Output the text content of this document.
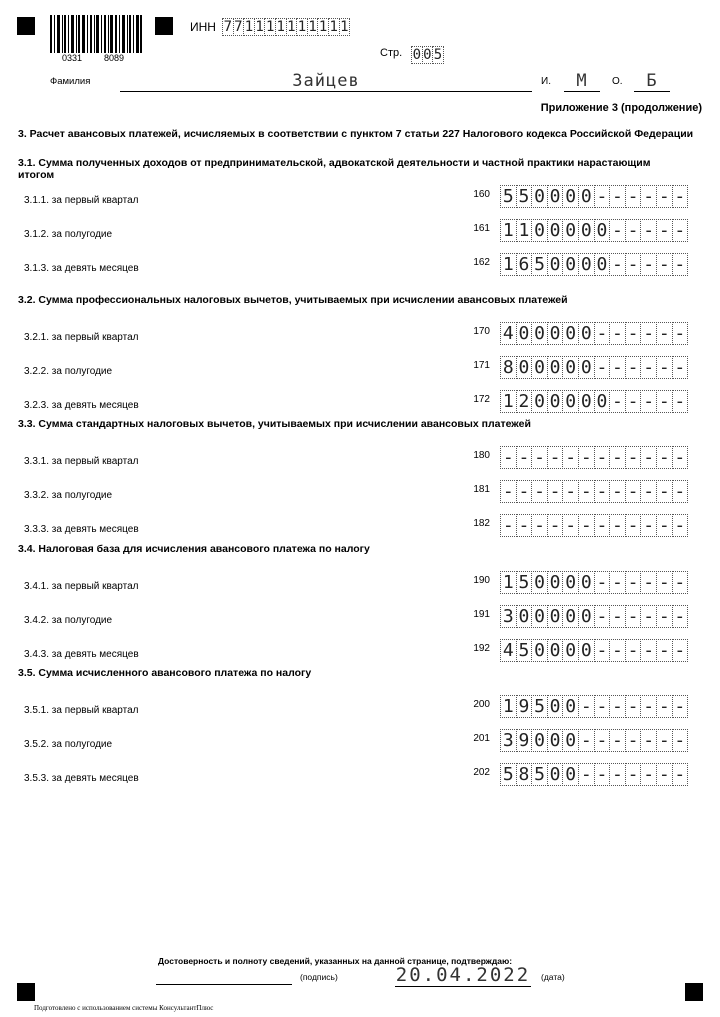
0331 8089
ИНН 7 7 1 1 1 1 1 1 1 1 1 1
Стр. 0 0 5
Фамилия	Зайцев	И.	М	О.	Б
Приложение 3 (продолжение)
3. Расчет авансовых платежей, исчисляемых в соответствии с пунктом 7 статьи 227 Налогового кодекса Российской Федерации
3.1. Сумма полученных доходов от предпринимательской, адвокатской деятельности и частной практики нарастающим итогом
3.1.1. за первый квартал
160 5 5 0 0 0 0 - - - - - -
3.1.2. за полугодие
161 1 1 0 0 0 0 0 - - - - -
3.1.3. за девять месяцев
162 1 6 5 0 0 0 0 - - - - -
3.2. Сумма профессиональных налоговых вычетов, учитываемых при исчислении авансовых платежей
3.2.1. за первый квартал
170 4 0 0 0 0 0 - - - - - -
3.2.2. за полугодие
171 8 0 0 0 0 0 - - - - - -
3.2.3. за девять месяцев
172 1 2 0 0 0 0 0 - - - - -
3.3. Сумма стандартных налоговых вычетов, учитываемых при исчислении авансовых платежей
3.3.1. за первый квартал
180 - - - - - - - - - - - -
3.3.2. за полугодие
181 - - - - - - - - - - - -
3.3.3. за девять месяцев
182 - - - - - - - - - - - -
3.4. Налоговая база для исчисления авансового платежа по налогу
3.4.1. за первый квартал
190 1 5 0 0 0 0 - - - - - -
3.4.2. за полугодие
191 3 0 0 0 0 0 - - - - - -
3.4.3. за девять месяцев
192 4 5 0 0 0 0 - - - - - -
3.5. Сумма исчисленного авансового платежа по налогу
3.5.1. за первый квартал
200 1 9 5 0 0 - - - - - - -
3.5.2. за полугодие
201 3 9 0 0 0 - - - - - - -
3.5.3. за девять месяцев
202 5 8 5 0 0 - - - - - - -
Достоверность и полноту сведений, указанных на данной странице, подтверждаю:
(подпись)	20.04.2022 (дата)
Подготовлено с использованием системы КонсультантПлюс
